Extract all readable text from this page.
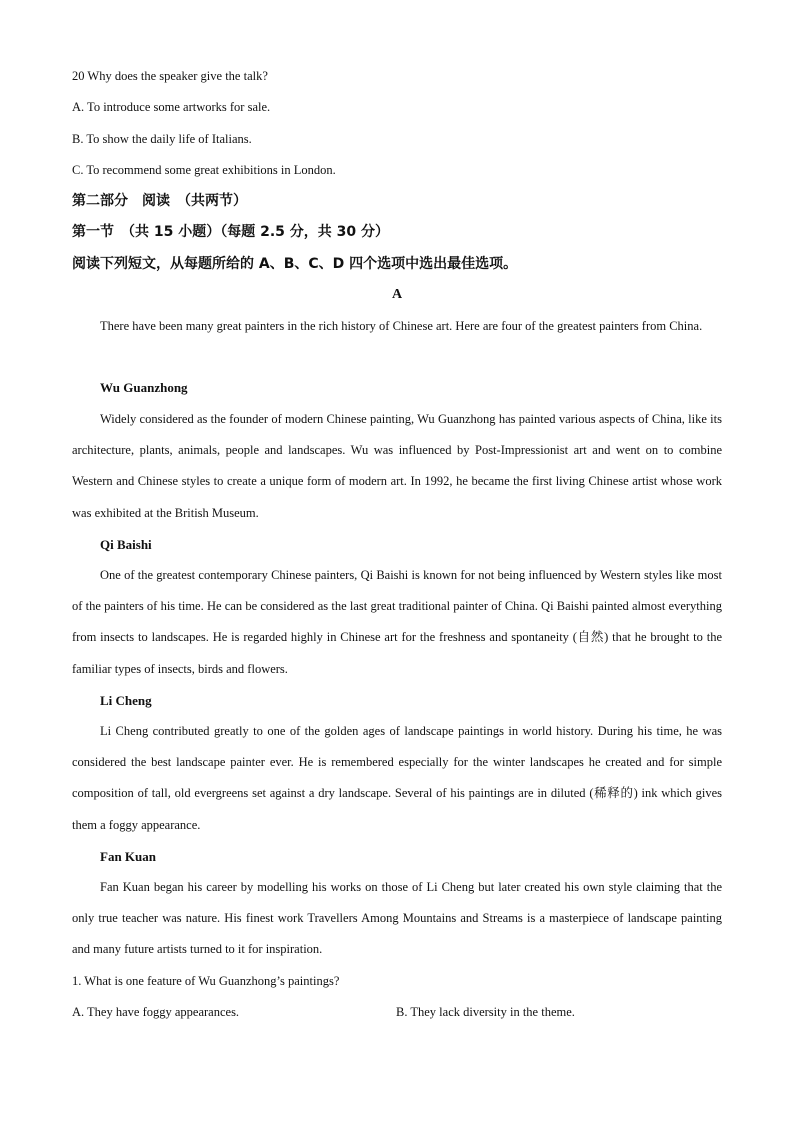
20 Why does the speaker give the talk?
A. To introduce some artworks for sale.
B. To show the daily life of Italians.
C. To recommend some great exhibitions in London.
第二部分　阅读　（共两节）
第一节　（共 15 小题）（每题 2.5 分，共 30 分）
阅读下列短文，从每题所给的 A、B、C、D 四个选项中选出最佳选项。
A
There have been many great painters in the rich history of Chinese art. Here are four of the greatest painters from China.
Wu Guanzhong
Widely considered as the founder of modern Chinese painting, Wu Guanzhong has painted various aspects of China, like its architecture, plants, animals, people and landscapes. Wu was influenced by Post-Impressionist art and went on to combine Western and Chinese styles to create a unique form of modern art. In 1992, he became the first living Chinese artist whose work was exhibited at the British Museum.
Qi Baishi
One of the greatest contemporary Chinese painters, Qi Baishi is known for not being influenced by Western styles like most of the painters of his time. He can be considered as the last great traditional painter of China. Qi Baishi painted almost everything from insects to landscapes. He is regarded highly in Chinese art for the freshness and spontaneity (自然) that he brought to the familiar types of insects, birds and flowers.
Li Cheng
Li Cheng contributed greatly to one of the golden ages of landscape paintings in world history. During his time, he was considered the best landscape painter ever. He is remembered especially for the winter landscapes he created and for simple composition of tall, old evergreens set against a dry landscape. Several of his paintings are in diluted (稀释的) ink which gives them a foggy appearance.
Fan Kuan
Fan Kuan began his career by modelling his works on those of Li Cheng but later created his own style claiming that the only true teacher was nature. His finest work Travellers Among Mountains and Streams is a masterpiece of landscape painting and many future artists turned to it for inspiration.
1. What is one feature of Wu Guanzhong’s paintings?
A. They have foggy appearances.	B. They lack diversity in the theme.
